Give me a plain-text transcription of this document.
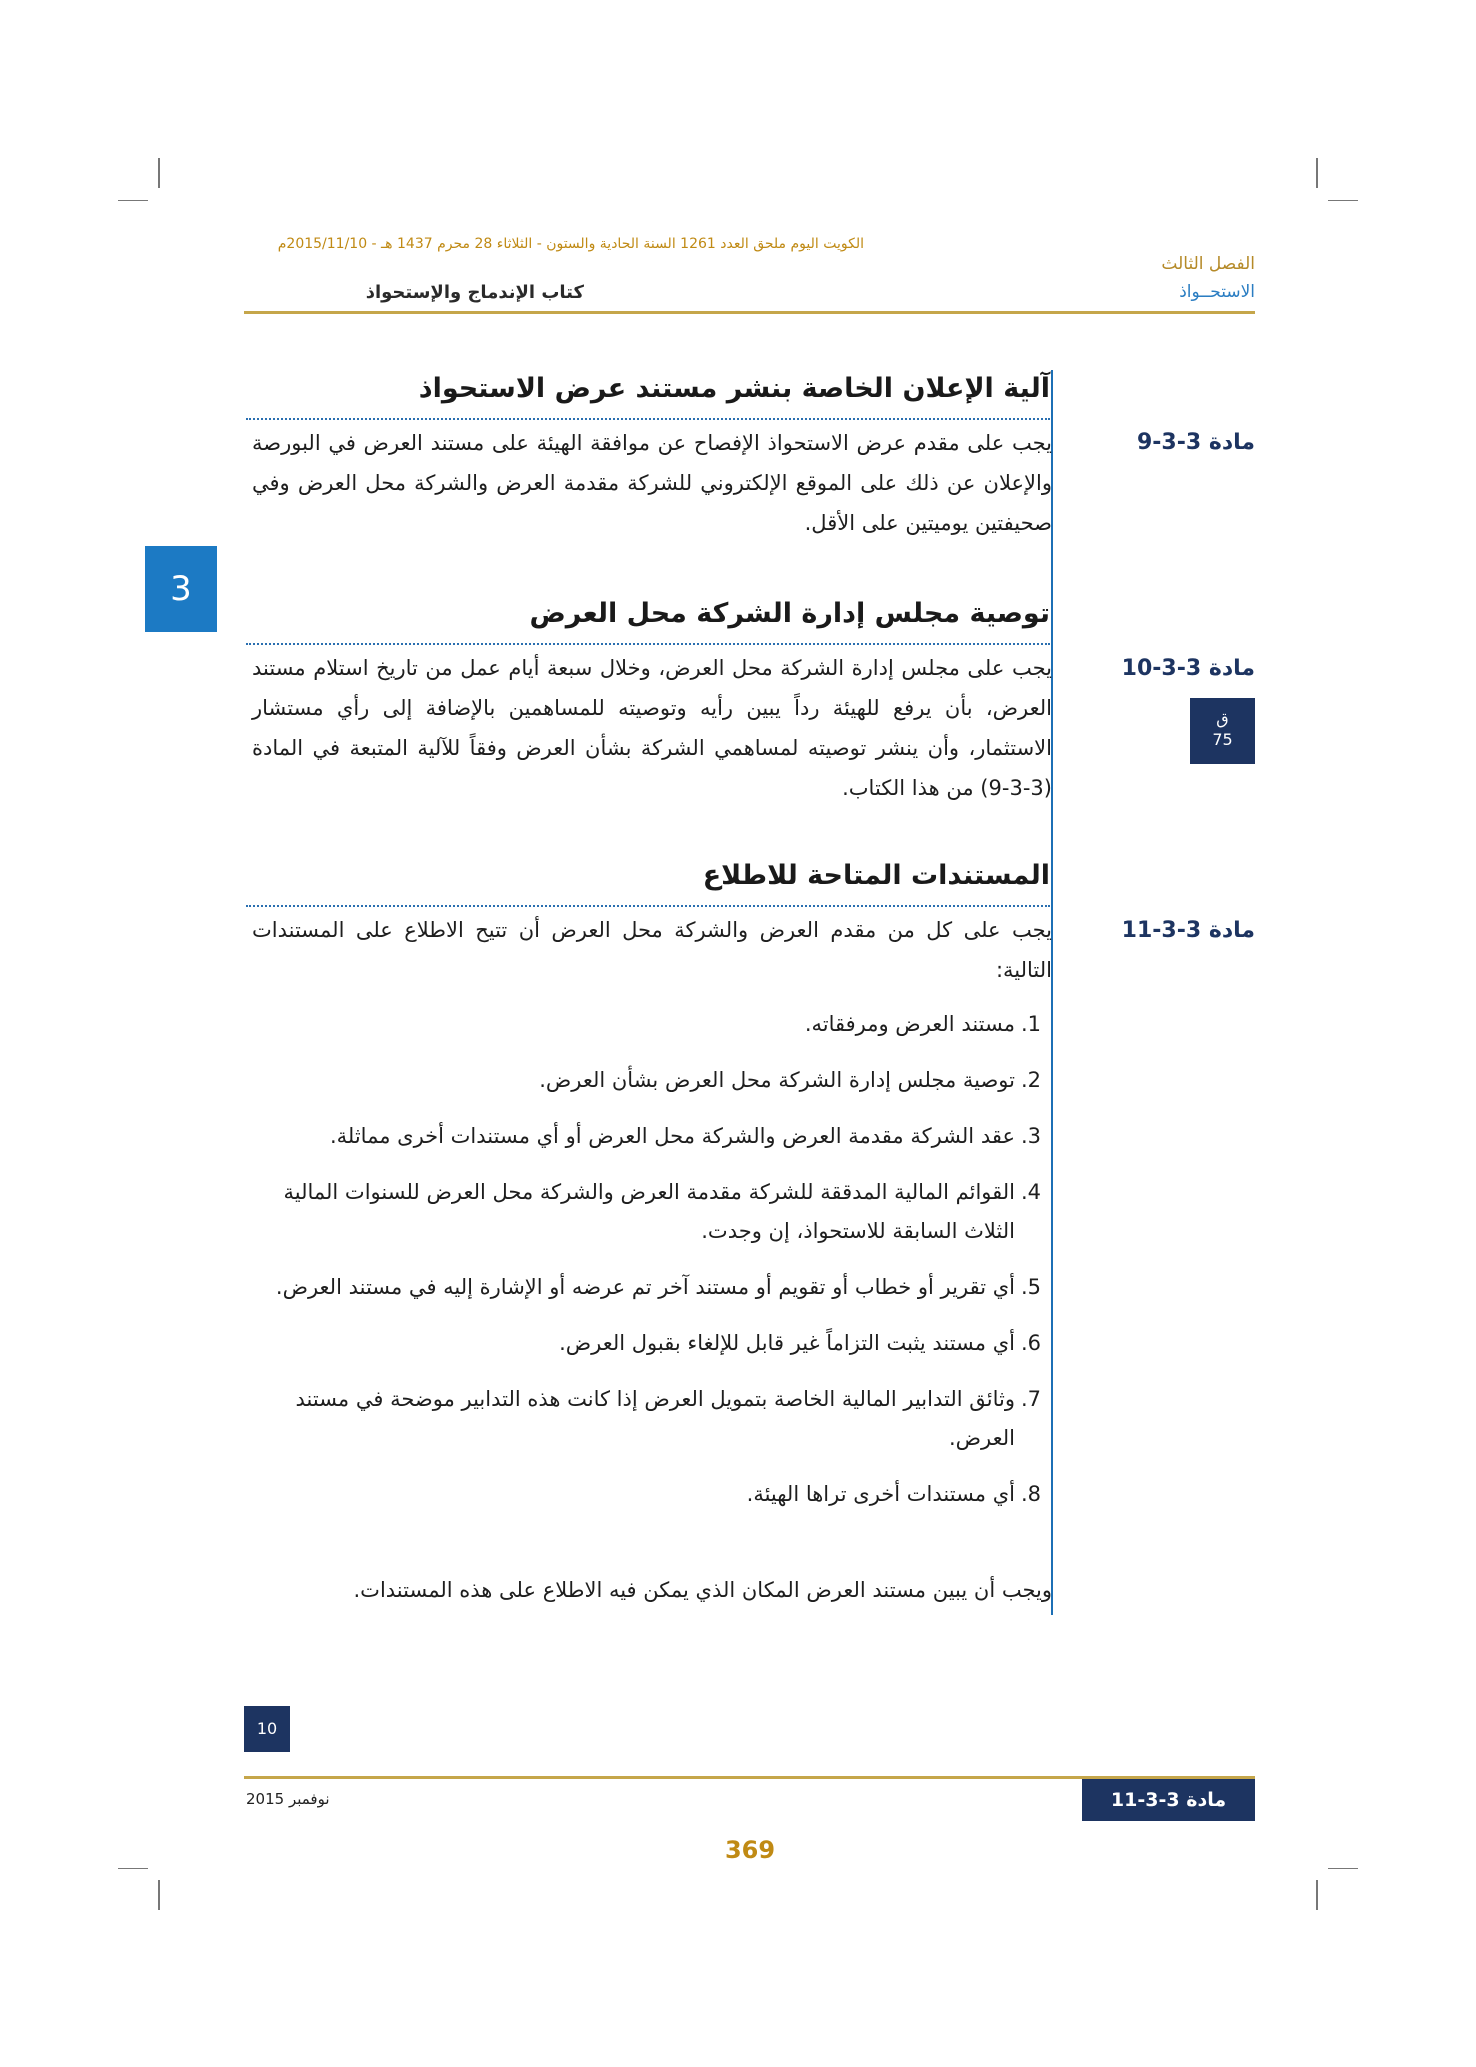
الكويت اليوم ملحق العدد 1261 السنة الحادية والستون - الثلاثاء 28 محرم 1437 هـ - 2015/11/10م
الفصل الثالث
الاستحــواذ
كتاب الإندماج والإستحواذ
3
ق
75
آلية الإعلان الخاصة بنشر مستند عرض الاستحواذ
مادة 3-3-9
يجب على مقدم عرض الاستحواذ الإفصاح عن موافقة الهيئة على مستند العرض في البورصة والإعلان عن ذلك على الموقع الإلكتروني للشركة مقدمة العرض والشركة محل العرض وفي صحيفتين يوميتين على الأقل.
توصية مجلس إدارة الشركة محل العرض
مادة 3-3-10
يجب على مجلس إدارة الشركة محل العرض، وخلال سبعة أيام عمل من تاريخ استلام مستند العرض، بأن يرفع للهيئة رداً يبين رأيه وتوصيته للمساهمين بالإضافة إلى رأي مستشار الاستثمار، وأن ينشر توصيته لمساهمي الشركة بشأن العرض وفقاً للآلية المتبعة في المادة (3-3-9) من هذا الكتاب.
المستندات المتاحة للاطلاع
مادة 3-3-11
يجب على كل من مقدم العرض والشركة محل العرض أن تتيح الاطلاع على المستندات التالية:
.1
مستند العرض ومرفقاته.
.2
توصية مجلس إدارة الشركة محل العرض بشأن العرض.
.3
عقد الشركة مقدمة العرض والشركة محل العرض أو أي مستندات أخرى مماثلة.
.4
القوائم المالية المدققة للشركة مقدمة العرض والشركة محل العرض للسنوات المالية الثلاث السابقة للاستحواذ، إن وجدت.
.5
أي تقرير أو خطاب أو تقويم أو مستند آخر تم عرضه أو الإشارة إليه في مستند العرض.
.6
أي مستند يثبت التزاماً غير قابل للإلغاء بقبول العرض.
.7
وثائق التدابير المالية الخاصة بتمويل العرض إذا كانت هذه التدابير موضحة في مستند العرض.
.8
أي مستندات أخرى تراها الهيئة.
ويجب أن يبين مستند العرض المكان الذي يمكن فيه الاطلاع على هذه المستندات.
10
نوفمبر 2015	مادة 3-3-11
369
